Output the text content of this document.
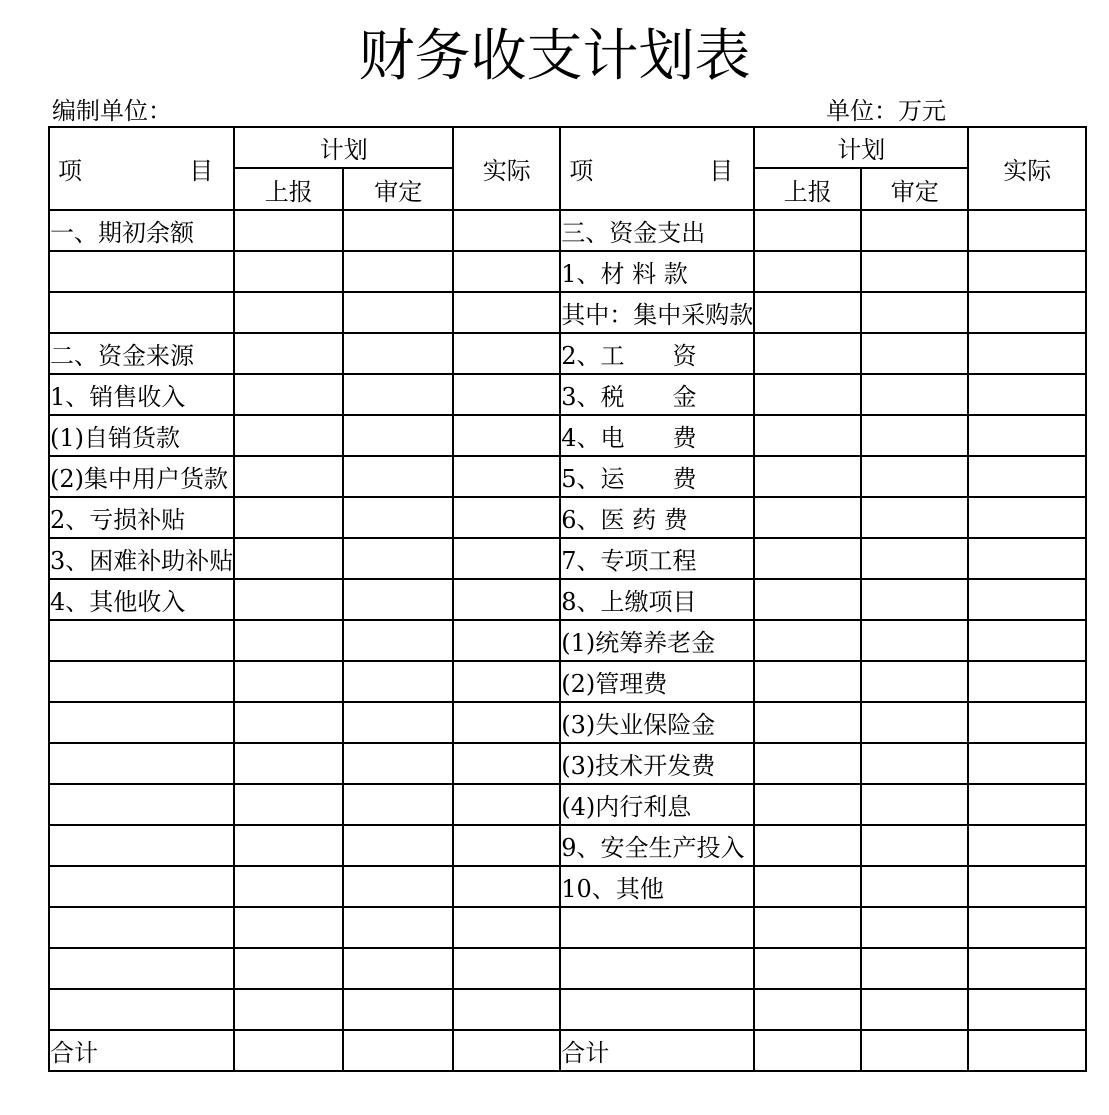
财务收支计划表
编制单位：	单位：万元
项 目	计划		实际	项 目	计划		实际
	上报	审定			上报	审定	
一、期初余额				三、资金支出			
				1、材 料 款			
				其中：集中采购款			
二、资金来源				2、工　　资			
1、销售收入				3、税　　金			
(1)自销货款				4、电　　费			
(2)集中用户货款				5、运　　费			
2、亏损补贴				6、医 药 费			
3、困难补助补贴				7、专项工程			
4、其他收入				8、上缴项目			
				(1)统筹养老金			
				(2)管理费			
				(3)失业保险金			
				(3)技术开发费			
				(4)内行利息			
				9、安全生产投入			
				10、其他			

合计				合计			
